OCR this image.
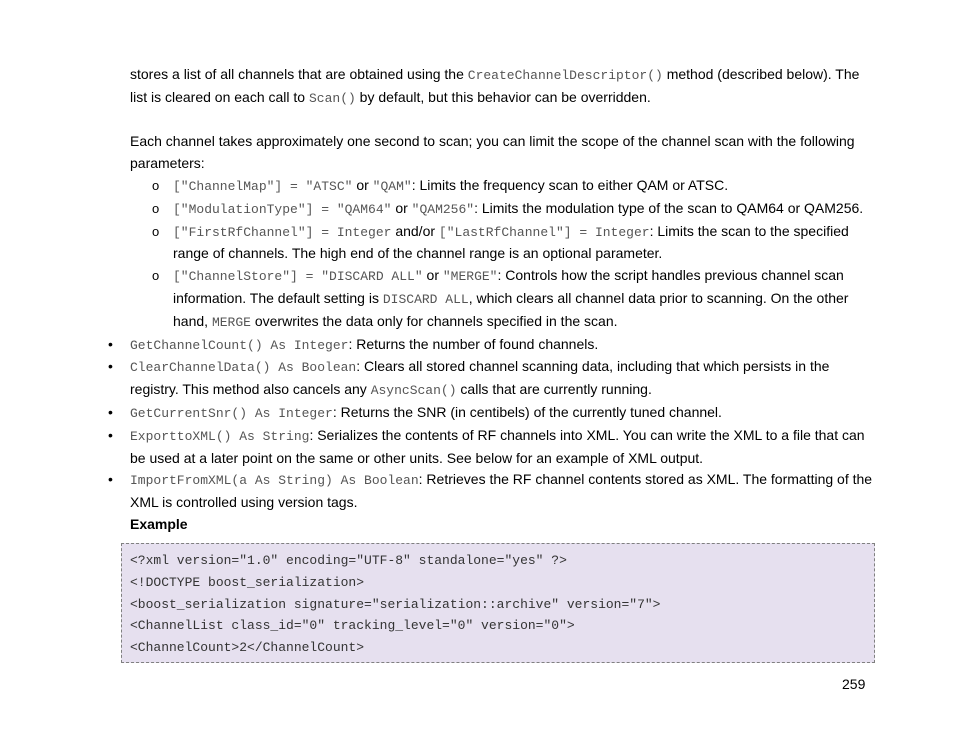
stores a list of all channels that are obtained using the CreateChannelDescriptor() method (described below). The list is cleared on each call to Scan() by default, but this behavior can be overridden.

Each channel takes approximately one second to scan; you can limit the scope of the channel scan with the following parameters:

o ["ChannelMap"] = "ATSC" or "QAM": Limits the frequency scan to either QAM or ATSC.
o ["ModulationType"] = "QAM64" or "QAM256": Limits the modulation type of the scan to QAM64 or QAM256.
o ["FirstRfChannel"] = Integer and/or ["LastRfChannel"] = Integer: Limits the scan to the specified range of channels. The high end of the channel range is an optional parameter.
o ["ChannelStore"] = "DISCARD ALL" or "MERGE": Controls how the script handles previous channel scan information. The default setting is DISCARD ALL, which clears all channel data prior to scanning. On the other hand, MERGE overwrites the data only for channels specified in the scan.
• GetChannelCount() As Integer: Returns the number of found channels.
• ClearChannelData() As Boolean: Clears all stored channel scanning data, including that which persists in the registry. This method also cancels any AsyncScan() calls that are currently running.
• GetCurrentSnr() As Integer: Returns the SNR (in centibels) of the currently tuned channel.
• ExporttoXML() As String: Serializes the contents of RF channels into XML. You can write the XML to a file that can be used at a later point on the same or other units. See below for an example of XML output.
• ImportFromXML(a As String) As Boolean: Retrieves the RF channel contents stored as XML. The formatting of the XML is controlled using version tags.

Example

<?xml version="1.0" encoding="UTF-8" standalone="yes" ?>
<!DOCTYPE boost_serialization>
<boost_serialization signature="serialization::archive" version="7">
<ChannelList class_id="0" tracking_level="0" version="0">
<ChannelCount>2</ChannelCount>
259
